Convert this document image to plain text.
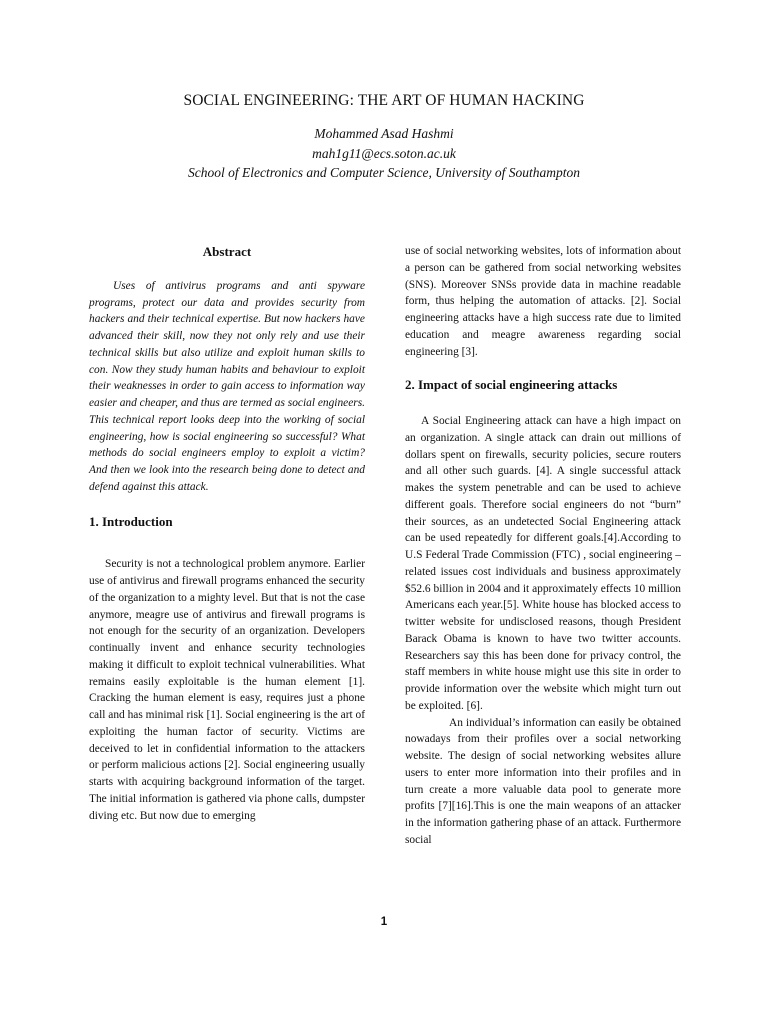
SOCIAL ENGINEERING: THE ART OF HUMAN HACKING
Mohammed Asad Hashmi
mah1g11@ecs.soton.ac.uk
School of Electronics and Computer Science, University of Southampton
Abstract

Uses of antivirus programs and anti spyware programs, protect our data and provides security from hackers and their technical expertise. But now hackers have advanced their skill, now they not only rely and use their technical skills but also utilize and exploit human skills to con. Now they study human habits and behaviour to exploit their weaknesses in order to gain access to information way easier and cheaper, and thus are termed as social engineers. This technical report looks deep into the working of social engineering, how is social engineering so successful? What methods do social engineers employ to exploit a victim? And then we look into the research being done to detect and defend against this attack.

1. Introduction

Security is not a technological problem anymore. Earlier use of antivirus and firewall programs enhanced the security of the organization to a mighty level. But that is not the case anymore, meagre use of antivirus and firewall programs is not enough for the security of an organization. Developers continually invent and enhance security technologies making it difficult to exploit technical vulnerabilities. What remains easily exploitable is the human element [1]. Cracking the human element is easy, requires just a phone call and has minimal risk [1]. Social engineering is the art of exploiting the human factor of security. Victims are deceived to let in confidential information to the attackers or perform malicious actions [2]. Social engineering usually starts with acquiring background information of the target. The initial information is gathered via phone calls, dumpster diving etc. But now due to emerging

use of social networking websites, lots of information about a person can be gathered from social networking websites (SNS). Moreover SNSs provide data in machine readable form, thus helping the automation of attacks. [2]. Social engineering attacks have a high success rate due to limited education and meagre awareness regarding social engineering [3].

2. Impact of social engineering attacks

A Social Engineering attack can have a high impact on an organization. A single attack can drain out millions of dollars spent on firewalls, security policies, secure routers and all other such guards. [4]. A single successful attack makes the system penetrable and can be used to achieve different goals. Therefore social engineers do not “burn” their sources, as an undetected Social Engineering attack can be used repeatedly for different goals.[4].According to U.S Federal Trade Commission (FTC) , social engineering – related issues cost individuals and business approximately $52.6 billion in 2004 and it approximately effects 10 million Americans each year.[5]. White house has blocked access to twitter website for undisclosed reasons, though President Barack Obama is known to have two twitter accounts. Researchers say this has been done for privacy control, the staff members in white house might use this site in order to provide information over the website which might turn out be exploited. [6].

An individual’s information can easily be obtained nowadays from their profiles over a social networking website. The design of social networking websites allure users to enter more information into their profiles and in turn create a more valuable data pool to generate more profits [7][16].This is one the main weapons of an attacker in the information gathering phase of an attack. Furthermore social

1
